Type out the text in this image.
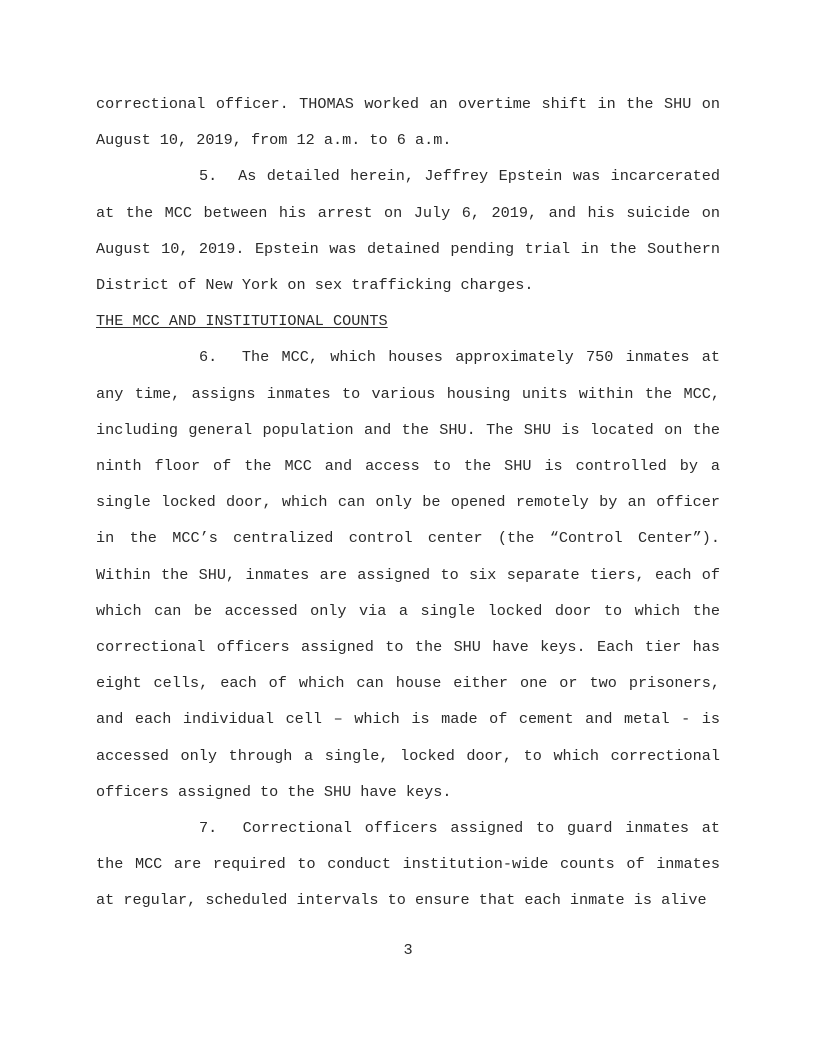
correctional officer. THOMAS worked an overtime shift in the SHU on August 10, 2019, from 12 a.m. to 6 a.m.

5. As detailed herein, Jeffrey Epstein was incarcerated at the MCC between his arrest on July 6, 2019, and his suicide on August 10, 2019. Epstein was detained pending trial in the Southern District of New York on sex trafficking charges.

THE MCC AND INSTITUTIONAL COUNTS

6. The MCC, which houses approximately 750 inmates at any time, assigns inmates to various housing units within the MCC, including general population and the SHU. The SHU is located on the ninth floor of the MCC and access to the SHU is controlled by a single locked door, which can only be opened remotely by an officer in the MCC’s centralized control center (the “Control Center”). Within the SHU, inmates are assigned to six separate tiers, each of which can be accessed only via a single locked door to which the correctional officers assigned to the SHU have keys. Each tier has eight cells, each of which can house either one or two prisoners, and each individual cell – which is made of cement and metal - is accessed only through a single, locked door, to which correctional officers assigned to the SHU have keys.

7. Correctional officers assigned to guard inmates at the MCC are required to conduct institution-wide counts of inmates at regular, scheduled intervals to ensure that each inmate is alive

3
